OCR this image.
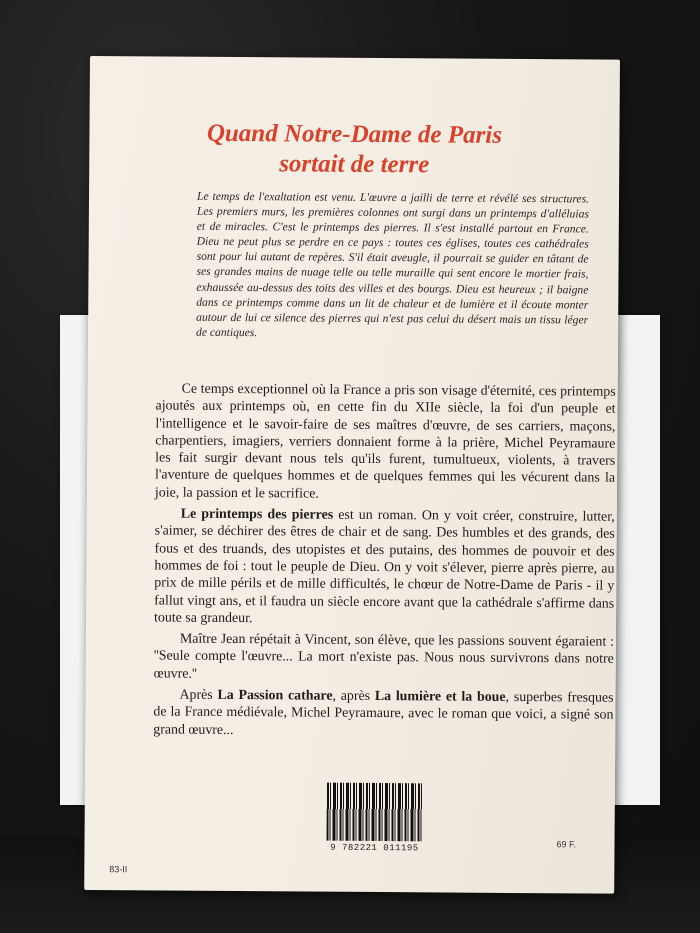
Quand Notre-Dame de Paris
sortait de terre
Le temps de l'exaltation est venu. L'œuvre a jailli de terre et révélé ses structures. Les premiers murs, les premières colonnes ont surgi dans un printemps d'alléluias et de miracles. C'est le printemps des pierres. Il s'est installé partout en France. Dieu ne peut plus se perdre en ce pays : toutes ces églises, toutes ces cathédrales sont pour lui autant de repères. S'il était aveugle, il pourrait se guider en tâtant de ses grandes mains de nuage telle ou telle muraille qui sent encore le mortier frais, exhaussée au-dessus des toits des villes et des bourgs. Dieu est heureux ; il baigne dans ce printemps comme dans un lit de chaleur et de lumière et il écoute monter autour de lui ce silence des pierres qui n'est pas celui du désert mais un tissu léger de cantiques.

Ce temps exceptionnel où la France a pris son visage d'éternité, ces printemps ajoutés aux printemps où, en cette fin du XIIe siècle, la foi d'un peuple et l'intelligence et le savoir-faire de ses maîtres d'œuvre, de ses carriers, maçons, charpentiers, imagiers, verriers donnaient forme à la prière, Michel Peyramaure les fait surgir devant nous tels qu'ils furent, tumultueux, violents, à travers l'aventure de quelques hommes et de quelques femmes qui les vécurent dans la joie, la passion et le sacrifice.

Le printemps des pierres est un roman. On y voit créer, construire, lutter, s'aimer, se déchirer des êtres de chair et de sang. Des humbles et des grands, des fous et des truands, des utopistes et des putains, des hommes de pouvoir et des hommes de foi : tout le peuple de Dieu. On y voit s'élever, pierre après pierre, au prix de mille périls et de mille difficultés, le chœur de Notre-Dame de Paris - il y fallut vingt ans, et il faudra un siècle encore avant que la cathédrale s'affirme dans toute sa grandeur.

Maître Jean répétait à Vincent, son élève, que les passions souvent égaraient : ''Seule compte l'œuvre... La mort n'existe pas. Nous nous survivrons dans notre œuvre.''

Après La Passion cathare, après La lumière et la boue, superbes fresques de la France médiévale, Michel Peyramaure, avec le roman que voici, a signé son grand œuvre...

9 782221 011195	69 F.
83-II
